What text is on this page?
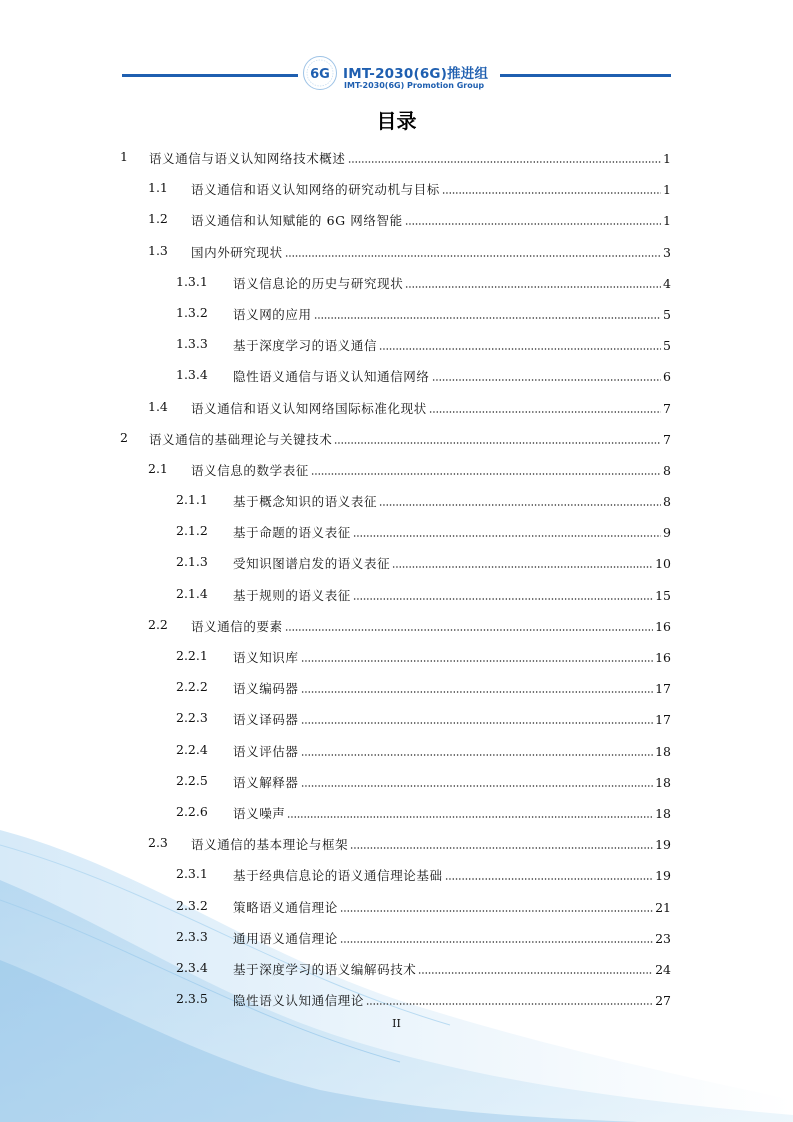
6G IMT-2030(6G)推进组
IMT-2030(6G) Promotion Group
目录
1 语义通信与语义认知网络技术概述	1
1.1 语义通信和语义认知网络的研究动机与目标	1
1.2 语义通信和认知赋能的 6G 网络智能	1
1.3 国内外研究现状	3
1.3.1 语义信息论的历史与研究现状	4
1.3.2 语义网的应用	5
1.3.3 基于深度学习的语义通信	5
1.3.4 隐性语义通信与语义认知通信网络	6
1.4 语义通信和语义认知网络国际标准化现状	7
2 语义通信的基础理论与关键技术	7
2.1 语义信息的数学表征	8
2.1.1 基于概念知识的语义表征	8
2.1.2 基于命题的语义表征	9
2.1.3 受知识图谱启发的语义表征	10
2.1.4 基于规则的语义表征	15
2.2 语义通信的要素	16
2.2.1 语义知识库	16
2.2.2 语义编码器	17
2.2.3 语义译码器	17
2.2.4 语义评估器	18
2.2.5 语义解释器	18
2.2.6 语义噪声	18
2.3 语义通信的基本理论与框架	19
2.3.1 基于经典信息论的语义通信理论基础	19
2.3.2 策略语义通信理论	21
2.3.3 通用语义通信理论	23
2.3.4 基于深度学习的语义编解码技术	24
2.3.5 隐性语义认知通信理论	27
II
